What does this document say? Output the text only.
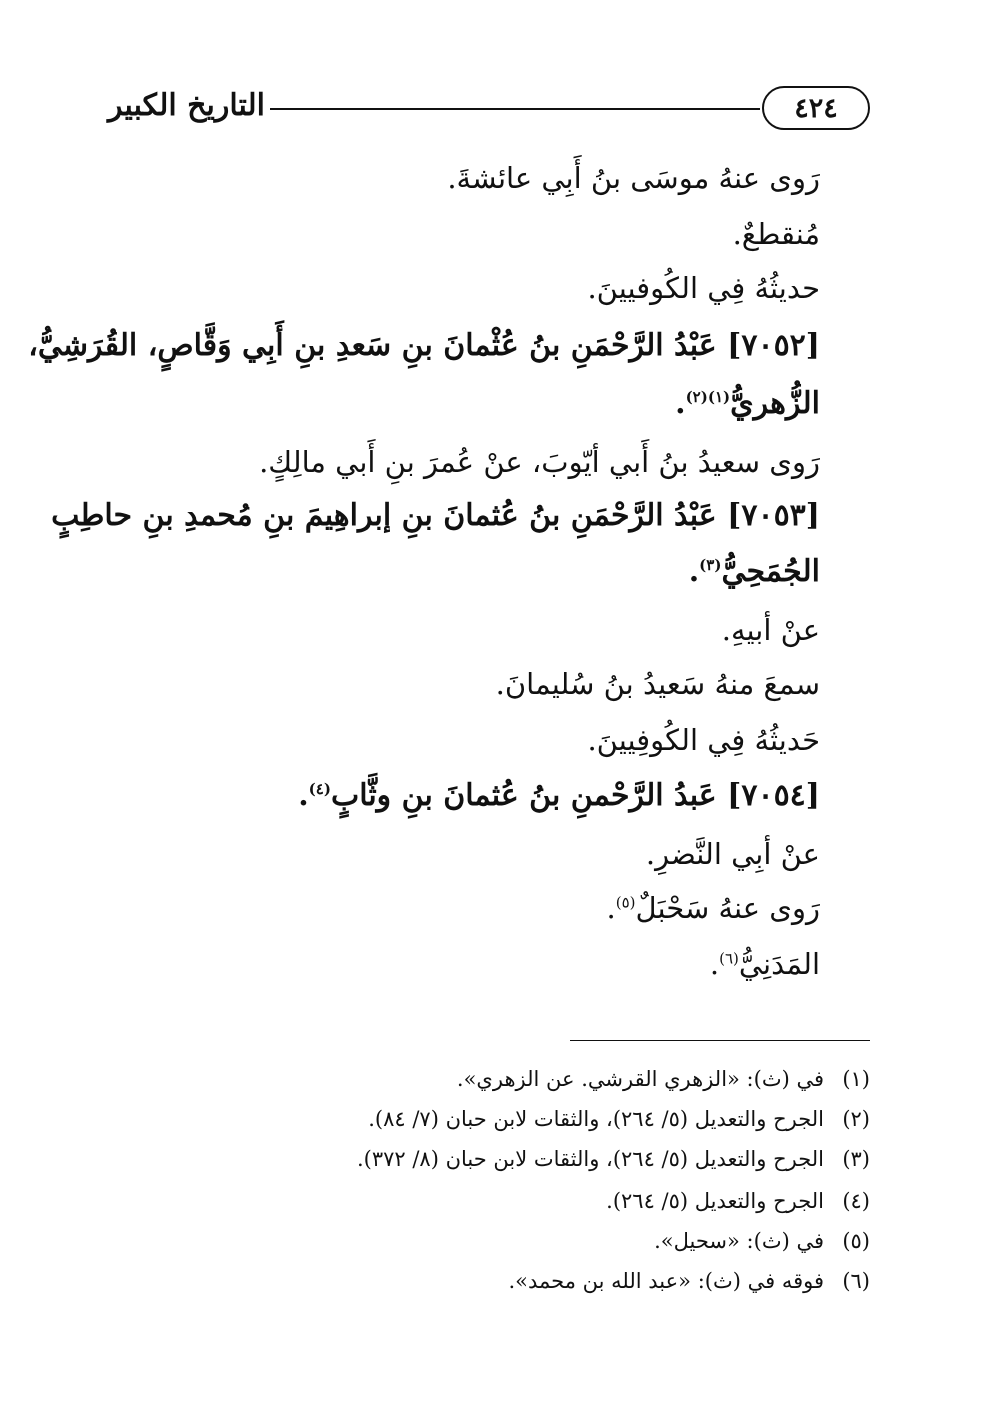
٤٢٤
التاريخ الكبير
رَوى عنهُ موسَى بنُ أَبِي عائشةَ.
مُنقطعٌ.
حديثُهُ فِي الكُوفيينَ.
[٧٠٥٢] عَبْدُ الرَّحْمَنِ بنُ عُثْمانَ بنِ سَعدِ بنِ أَبِي وَقَّاصٍ، القُرَشِيُّ،
الزُّهريُّ$^{(١)(٢)}$.
رَوى سعيدُ بنُ أَبي أيّوبَ، عنْ عُمرَ بنِ أَبي مالِكٍ.
[٧٠٥٣] عَبْدُ الرَّحْمَنِ بنُ عُثمانَ بنِ إبراهِيمَ بنِ مُحمدِ بنِ حاطِبٍ
الجُمَحِيُّ$^{(٣)}$.
عنْ أبيهِ.
سمعَ منهُ سَعيدُ بنُ سُليمانَ.
حَديثُهُ فِي الكُوفِيينَ.
[٧٠٥٤] عَبدُ الرَّحْمنِ بنُ عُثمانَ بنِ وثَّابٍ$^{(٤)}$.
عنْ أبِي النَّضرِ.
رَوى عنهُ سَحْبَلٌ$^{(٥)}$.
المَدَنِيُّ$^{(٦)}$.
(١)في (ث): «الزهري القرشي. عن الزهري».
(٢)الجرح والتعديل (٥/ ٢٦٤)، والثقات لابن حبان (٧/ ٨٤).
(٣)الجرح والتعديل (٥/ ٢٦٤)، والثقات لابن حبان (٨/ ٣٧٢).
(٤)الجرح والتعديل (٥/ ٢٦٤).
(٥)في (ث): «سحيل».
(٦)فوقه في (ث): «عبد الله بن محمد».
